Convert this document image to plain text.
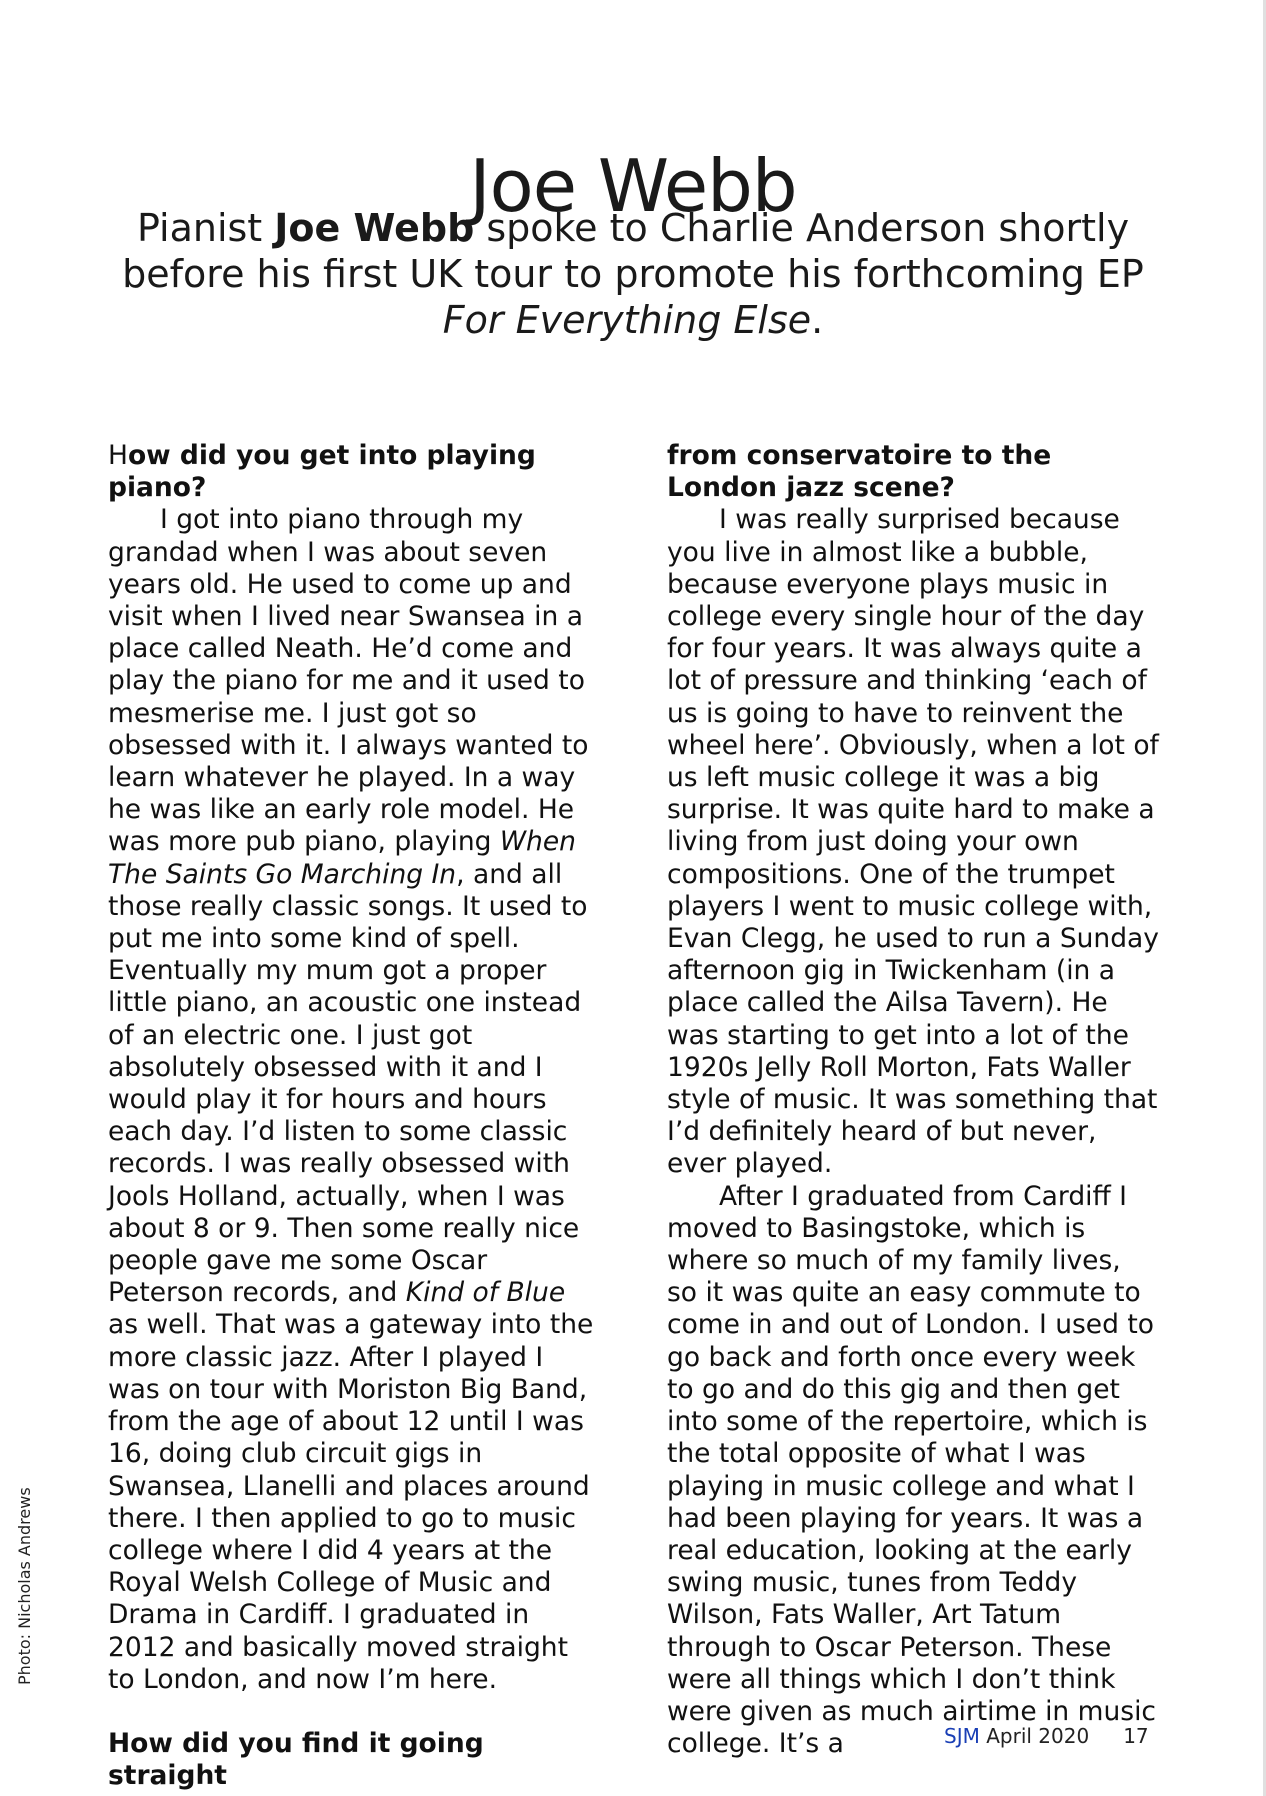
Joe Webb
Pianist Joe Webb spoke to Charlie Anderson shortly before his first UK tour to promote his forthcoming EP For Everything Else.

How did you get into playing piano?

I got into piano through my grandad when I was about seven years old. He used to come up and visit when I lived near Swansea in a place called Neath. He’d come and play the piano for me and it used to mesmerise me. I just got so obsessed with it. I always wanted to learn whatever he played. In a way he was like an early role model. He was more pub piano, playing When The Saints Go Marching In, and all those really classic songs. It used to put me into some kind of spell. Eventually my mum got a proper little piano, an acoustic one instead of an electric one. I just got absolutely obsessed with it and I would play it for hours and hours each day. I’d listen to some classic records. I was really obsessed with Jools Holland, actually, when I was about 8 or 9. Then some really nice people gave me some Oscar Peterson records, and Kind of Blue as well. That was a gateway into the more classic jazz. After I played I was on tour with Moriston Big Band, from the age of about 12 until I was 16, doing club circuit gigs in Swansea, Llanelli and places around there. I then applied to go to music college where I did 4 years at the Royal Welsh College of Music and Drama in Cardiff. I graduated in 2012 and basically moved straight to London, and now I’m here.

How did you find it going straight

from conservatoire to the London jazz scene?

I was really surprised because you live in almost like a bubble, because everyone plays music in college every single hour of the day for four years. It was always quite a lot of pressure and thinking ‘each of us is going to have to reinvent the wheel here’. Obviously, when a lot of us left music college it was a big surprise. It was quite hard to make a living from just doing your own compositions. One of the trumpet players I went to music college with, Evan Clegg, he used to run a Sunday afternoon gig in Twickenham (in a place called the Ailsa Tavern). He was starting to get into a lot of the 1920s Jelly Roll Morton, Fats Waller style of music. It was something that I’d definitely heard of but never, ever played.

After I graduated from Cardiff I moved to Basingstoke, which is where so much of my family lives, so it was quite an easy commute to come in and out of London. I used to go back and forth once every week to go and do this gig and then get into some of the repertoire, which is the total opposite of what I was playing in music college and what I had been playing for years. It was a real education, looking at the early swing music, tunes from Teddy Wilson, Fats Waller, Art Tatum through to Oscar Peterson. These were all things which I don’t think were given as much airtime in music college. It’s a

Photo: Nicholas Andrews
SJM April 2020 17
